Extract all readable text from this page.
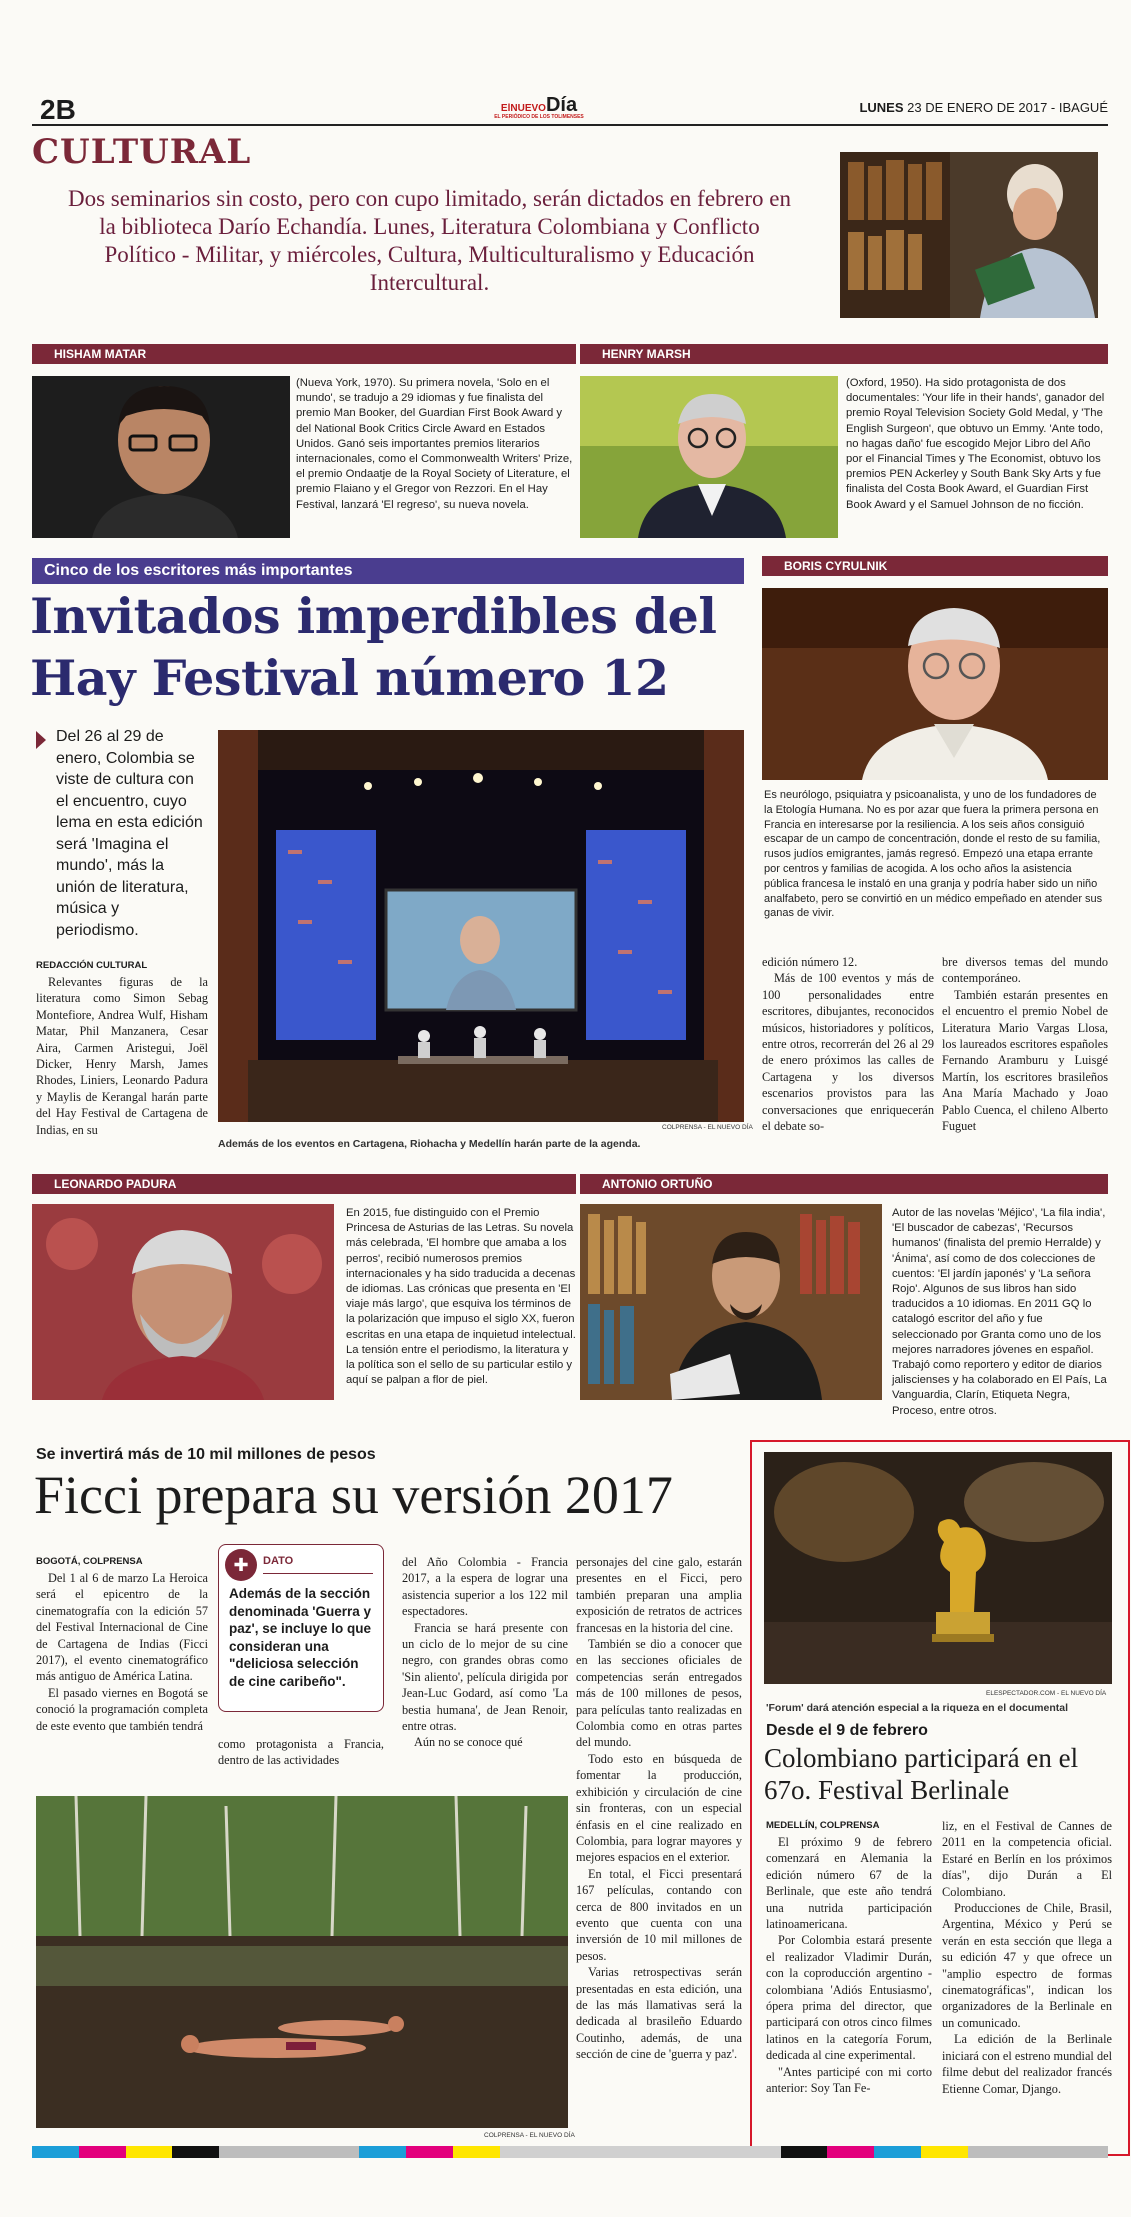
2B	ElNUEVODía
EL PERIÓDICO DE LOS TOLIMENSES
LUNES 23 DE ENERO DE 2017 - IBAGUÉ
CULTURAL
Dos seminarios sin costo, pero con cupo limitado, serán dictados en febrero en la biblioteca Darío Echandía. Lunes, Literatura Colombiana y Conflicto Político - Militar, y miércoles, Cultura, Multiculturalismo y Educación Intercultural.
HISHAM MATAR
(Nueva York, 1970). Su primera novela, 'Solo en el mundo', se tradujo a 29 idiomas y fue finalista del premio Man Booker, del Guardian First Book Award y del National Book Critics Circle Award en Estados Unidos. Ganó seis importantes premios literarios internacionales, como el Commonwealth Writers' Prize, el premio Ondaatje de la Royal Society of Literature, el premio Flaiano y el Gregor von Rezzori. En el Hay Festival, lanzará 'El regreso', su nueva novela.
HENRY MARSH
(Oxford, 1950). Ha sido protagonista de dos documentales: 'Your life in their hands', ganador del premio Royal Television Society Gold Medal, y 'The English Surgeon', que obtuvo un Emmy. 'Ante todo, no hagas daño' fue escogido Mejor Libro del Año por el Financial Times y The Economist, obtuvo los premios PEN Ackerley y South Bank Sky Arts y fue finalista del Costa Book Award, el Guardian First Book Award y el Samuel Johnson de no ficción.
Cinco de los escritores más importantes
Invitados imperdibles del
Hay Festival número 12
Del 26 al 29 de enero, Colombia se viste de cultura con el encuentro, cuyo lema en esta edición será 'Imagina el mundo', más la unión de literatura, música y periodismo.
REDACCIÓN CULTURAL
Relevantes figuras de la literatura como Simon Sebag Montefiore, Andrea Wulf, Hisham Matar, Phil Manzanera, Cesar Aira, Carmen Aristegui, Joël Dicker, Henry Marsh, James Rhodes, Liniers, Leonardo Padura y Maylis de Kerangal harán parte del Hay Festival de Cartagena de Indias, en su	COLPRENSA - EL NUEVO DÍA
Además de los eventos en Cartagena, Riohacha y Medellín harán parte de la agenda.
BORIS CYRULNIK
Es neurólogo, psiquiatra y psicoanalista, y uno de los fundadores de la Etología Humana. No es por azar que fuera la primera persona en Francia en interesarse por la resiliencia. A los seis años consiguió escapar de un campo de concentración, donde el resto de su familia, rusos judíos emigrantes, jamás regresó. Empezó una etapa errante por centros y familias de acogida. A los ocho años la asistencia pública francesa le instaló en una granja y podría haber sido un niño analfabeto, pero se convirtió en un médico empeñado en atender sus ganas de vivir.
edición número 12.
Más de 100 eventos y más de 100 personalidades entre escritores, dibujantes, reconocidos músicos, historiadores y políticos, entre otros, recorrerán del 26 al 29 de enero próximos las calles de Cartagena y los diversos escenarios provistos para las conversaciones que enriquecerán el debate so-
bre diversos temas del mundo contemporáneo.
También estarán presentes en el encuentro el premio Nobel de Literatura Mario Vargas Llosa, los laureados escritores españoles Fernando Aramburu y Luisgé Martín, los escritores brasileños Ana María Machado y Joao Pablo Cuenca, el chileno Alberto Fuguet
LEONARDO PADURA
En 2015, fue distinguido con el Premio Princesa de Asturias de las Letras. Su novela más celebrada, 'El hombre que amaba a los perros', recibió numerosos premios internacionales y ha sido traducida a decenas de idiomas. Las crónicas que presenta en 'El viaje más largo', que esquiva los términos de la polarización que impuso el siglo XX, fueron escritas en una etapa de inquietud intelectual. La tensión entre el periodismo, la literatura y la política son el sello de su particular estilo y aquí se palpan a flor de piel.
ANTONIO ORTUÑO
Autor de las novelas 'Méjico', 'La fila india', 'El buscador de cabezas', 'Recursos humanos' (finalista del premio Herralde) y 'Ánima', así como de dos colecciones de cuentos: 'El jardín japonés' y 'La señora Rojo'. Algunos de sus libros han sido traducidos a 10 idiomas. En 2011 GQ lo catalogó escritor del año y fue seleccionado por Granta como uno de los mejores narradores jóvenes en español. Trabajó como reportero y editor de diarios jaliscienses y ha colaborado en El País, La Vanguardia, Clarín, Etiqueta Negra, Proceso, entre otros.
Se invertirá más de 10 mil millones de pesos
Ficci prepara su versión 2017
BOGOTÁ, COLPRENSA

Del 1 al 6 de marzo La Heroica será el epicentro de la cinematografía con la edición 57 del Festival Internacional de Cine de Cartagena de Indias (Ficci 2017), el evento cinematográfico más antiguo de América Latina.

El pasado viernes en Bogotá se conoció la programación completa de este evento que también tendrá

✚	DATO
Además de la sección denominada 'Guerra y paz', se incluye lo que consideran una "deliciosa selección de cine caribeño".
como protagonista a Francia, dentro de las actividades
del Año Colombia - Francia 2017, a la espera de lograr una asistencia superior a los 122 mil espectadores.

Francia se hará presente con un ciclo de lo mejor de su cine negro, con grandes obras como 'Sin aliento', película dirigida por Jean-Luc Godard, así como 'La bestia humana', de Jean Renoir, entre otras.

Aún no se conoce qué

personajes del cine galo, estarán presentes en el Ficci, pero también preparan una amplia exposición de retratos de actrices francesas en la historia del cine.

También se dio a conocer que en las secciones oficiales de competencias serán entregados más de 100 millones de pesos, para películas tanto realizadas en Colombia como en otras partes del mundo.

Todo esto en búsqueda de fomentar la producción, exhibición y circulación de cine sin fronteras, con un especial énfasis en el cine realizado en Colombia, para lograr mayores y mejores espacios en el exterior.

En total, el Ficci presentará 167 películas, contando con cerca de 800 invitados en un evento que cuenta con una inversión de 10 mil millones de pesos.

Varias retrospectivas serán presentadas en esta edición, una de las más llamativas será la dedicada al brasileño Eduardo Coutinho, además, de una sección de cine de 'guerra y paz'.

COLPRENSA - EL NUEVO DÍA
ELESPECTADOR.COM - EL NUEVO DÍA
'Forum' dará atención especial a la riqueza en el documental
Desde el 9 de febrero
Colombiano participará en el 67o. Festival Berlinale
MEDELLÍN, COLPRENSA

El próximo 9 de febrero comenzará en Alemania la edición número 67 de la Berlinale, que este año tendrá una nutrida participación latinoamericana.

Por Colombia estará presente el realizador Vladimir Durán, con la coproducción argentino - colombiana 'Adiós Entusiasmo', ópera prima del director, que participará con otros cinco filmes latinos en la categoría Forum, dedicada al cine experimental.

"Antes participé con mi corto anterior: Soy Tan Fe-

liz, en el Festival de Cannes de 2011 en la competencia oficial. Estaré en Berlín en los próximos días", dijo Durán a El Colombiano.

Producciones de Chile, Brasil, Argentina, México y Perú se verán en esta sección que llega a su edición 47 y que ofrece un "amplio espectro de formas cinematográficas", indican los organizadores de la Berlinale en un comunicado.

La edición de la Berlinale iniciará con el estreno mundial del filme debut del realizador francés Etienne Comar, Django.
